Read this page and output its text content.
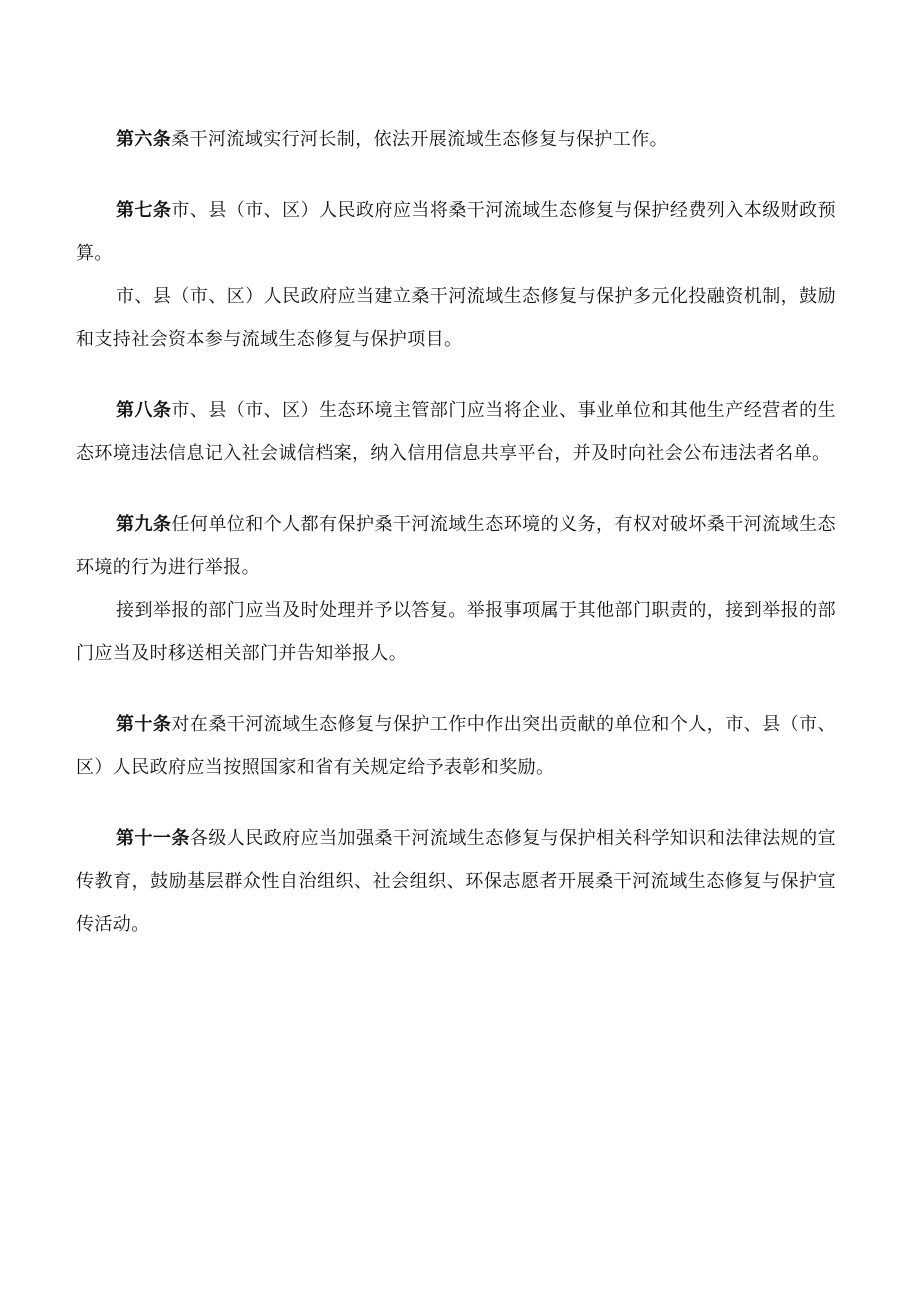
第六条桑干河流域实行河长制，依法开展流域生态修复与保护工作。

第七条市、县（市、区）人民政府应当将桑干河流域生态修复与保护经费列入本级财政预算。

市、县（市、区）人民政府应当建立桑干河流域生态修复与保护多元化投融资机制，鼓励和支持社会资本参与流域生态修复与保护项目。

第八条市、县（市、区）生态环境主管部门应当将企业、事业单位和其他生产经营者的生态环境违法信息记入社会诚信档案，纳入信用信息共享平台，并及时向社会公布违法者名单。

第九条任何单位和个人都有保护桑干河流域生态环境的义务，有权对破坏桑干河流域生态环境的行为进行举报。

接到举报的部门应当及时处理并予以答复。举报事项属于其他部门职责的，接到举报的部门应当及时移送相关部门并告知举报人。

第十条对在桑干河流域生态修复与保护工作中作出突出贡献的单位和个人，市、县（市、区）人民政府应当按照国家和省有关规定给予表彰和奖励。

第十一条各级人民政府应当加强桑干河流域生态修复与保护相关科学知识和法律法规的宣传教育，鼓励基层群众性自治组织、社会组织、环保志愿者开展桑干河流域生态修复与保护宣传活动。
